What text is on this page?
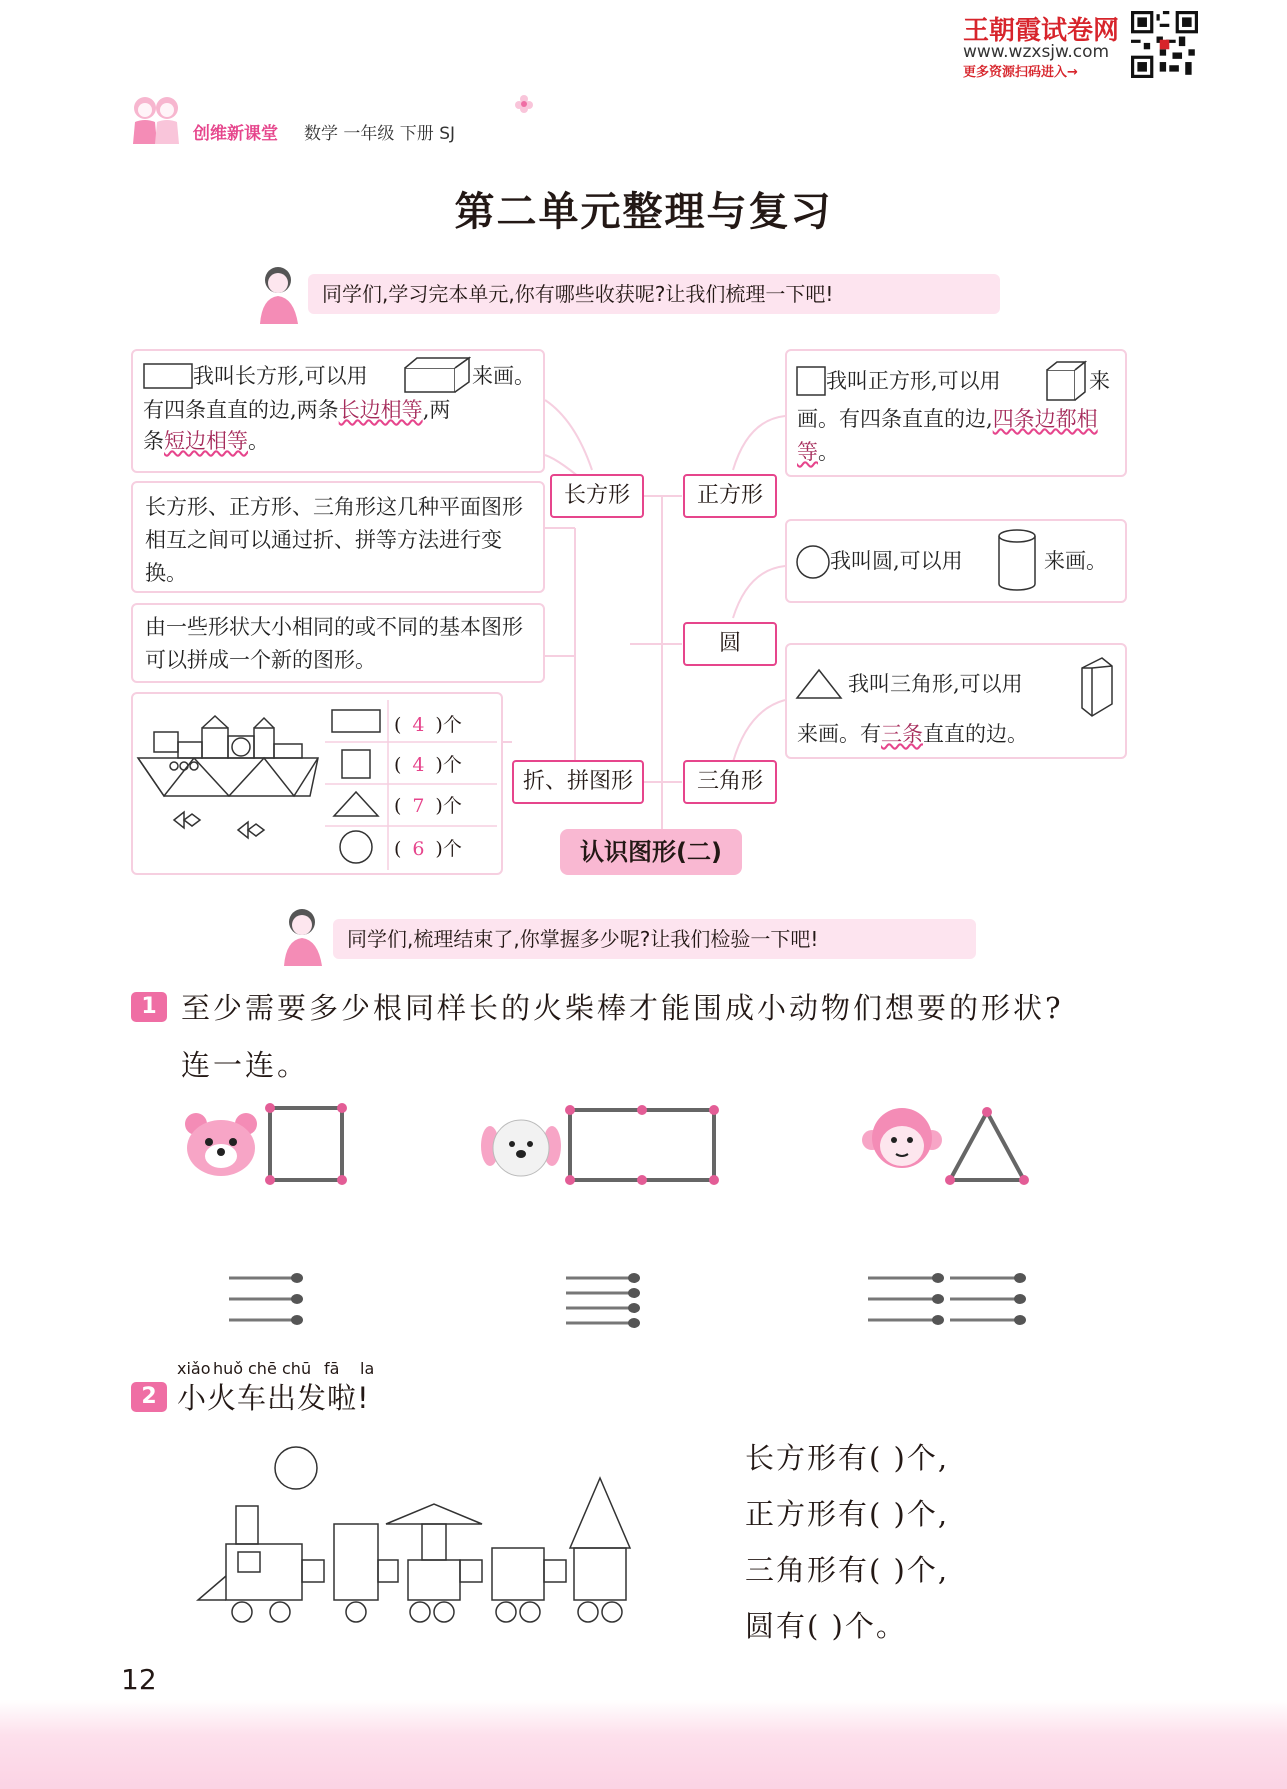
王朝霞试卷网
www.wzxsjw.com
更多资源扫码进入→
创维新课堂 数学 一年级 下册 SJ
第二单元整理与复习
同学们,学习完本单元,你有哪些收获呢?让我们梳理一下吧!
我叫长方形,可以用	来画。
有四条直直的边,两条长边相等,两
条短边相等。
长方形、正方形、三角形这几种平面图形相互之间可以通过折、拼等方法进行变换。
由一些形状大小相同的或不同的基本图形可以拼成一个新的图形。
( 4 )个
( 4 )个
( 7 )个
( 6 )个
长方形	正方形
圆
折、拼图形	三角形
认识图形(二)
我叫正方形,可以用	来
画。有四条直直的边,四条边都相等。
我叫圆,可以用	来画。
我叫三角形,可以用
来画。有三条直直的边。
同学们,梳理结束了,你掌握多少呢?让我们检验一下吧!
1 至少需要多少根同样长的火柴棒才能围成小动物们想要的形状?
连一连。
xiǎo huǒ chē chū fā la
2 小火车出发啦!
长方形有( )个,
正方形有( )个,
三角形有( )个,
圆有( )个。
12
